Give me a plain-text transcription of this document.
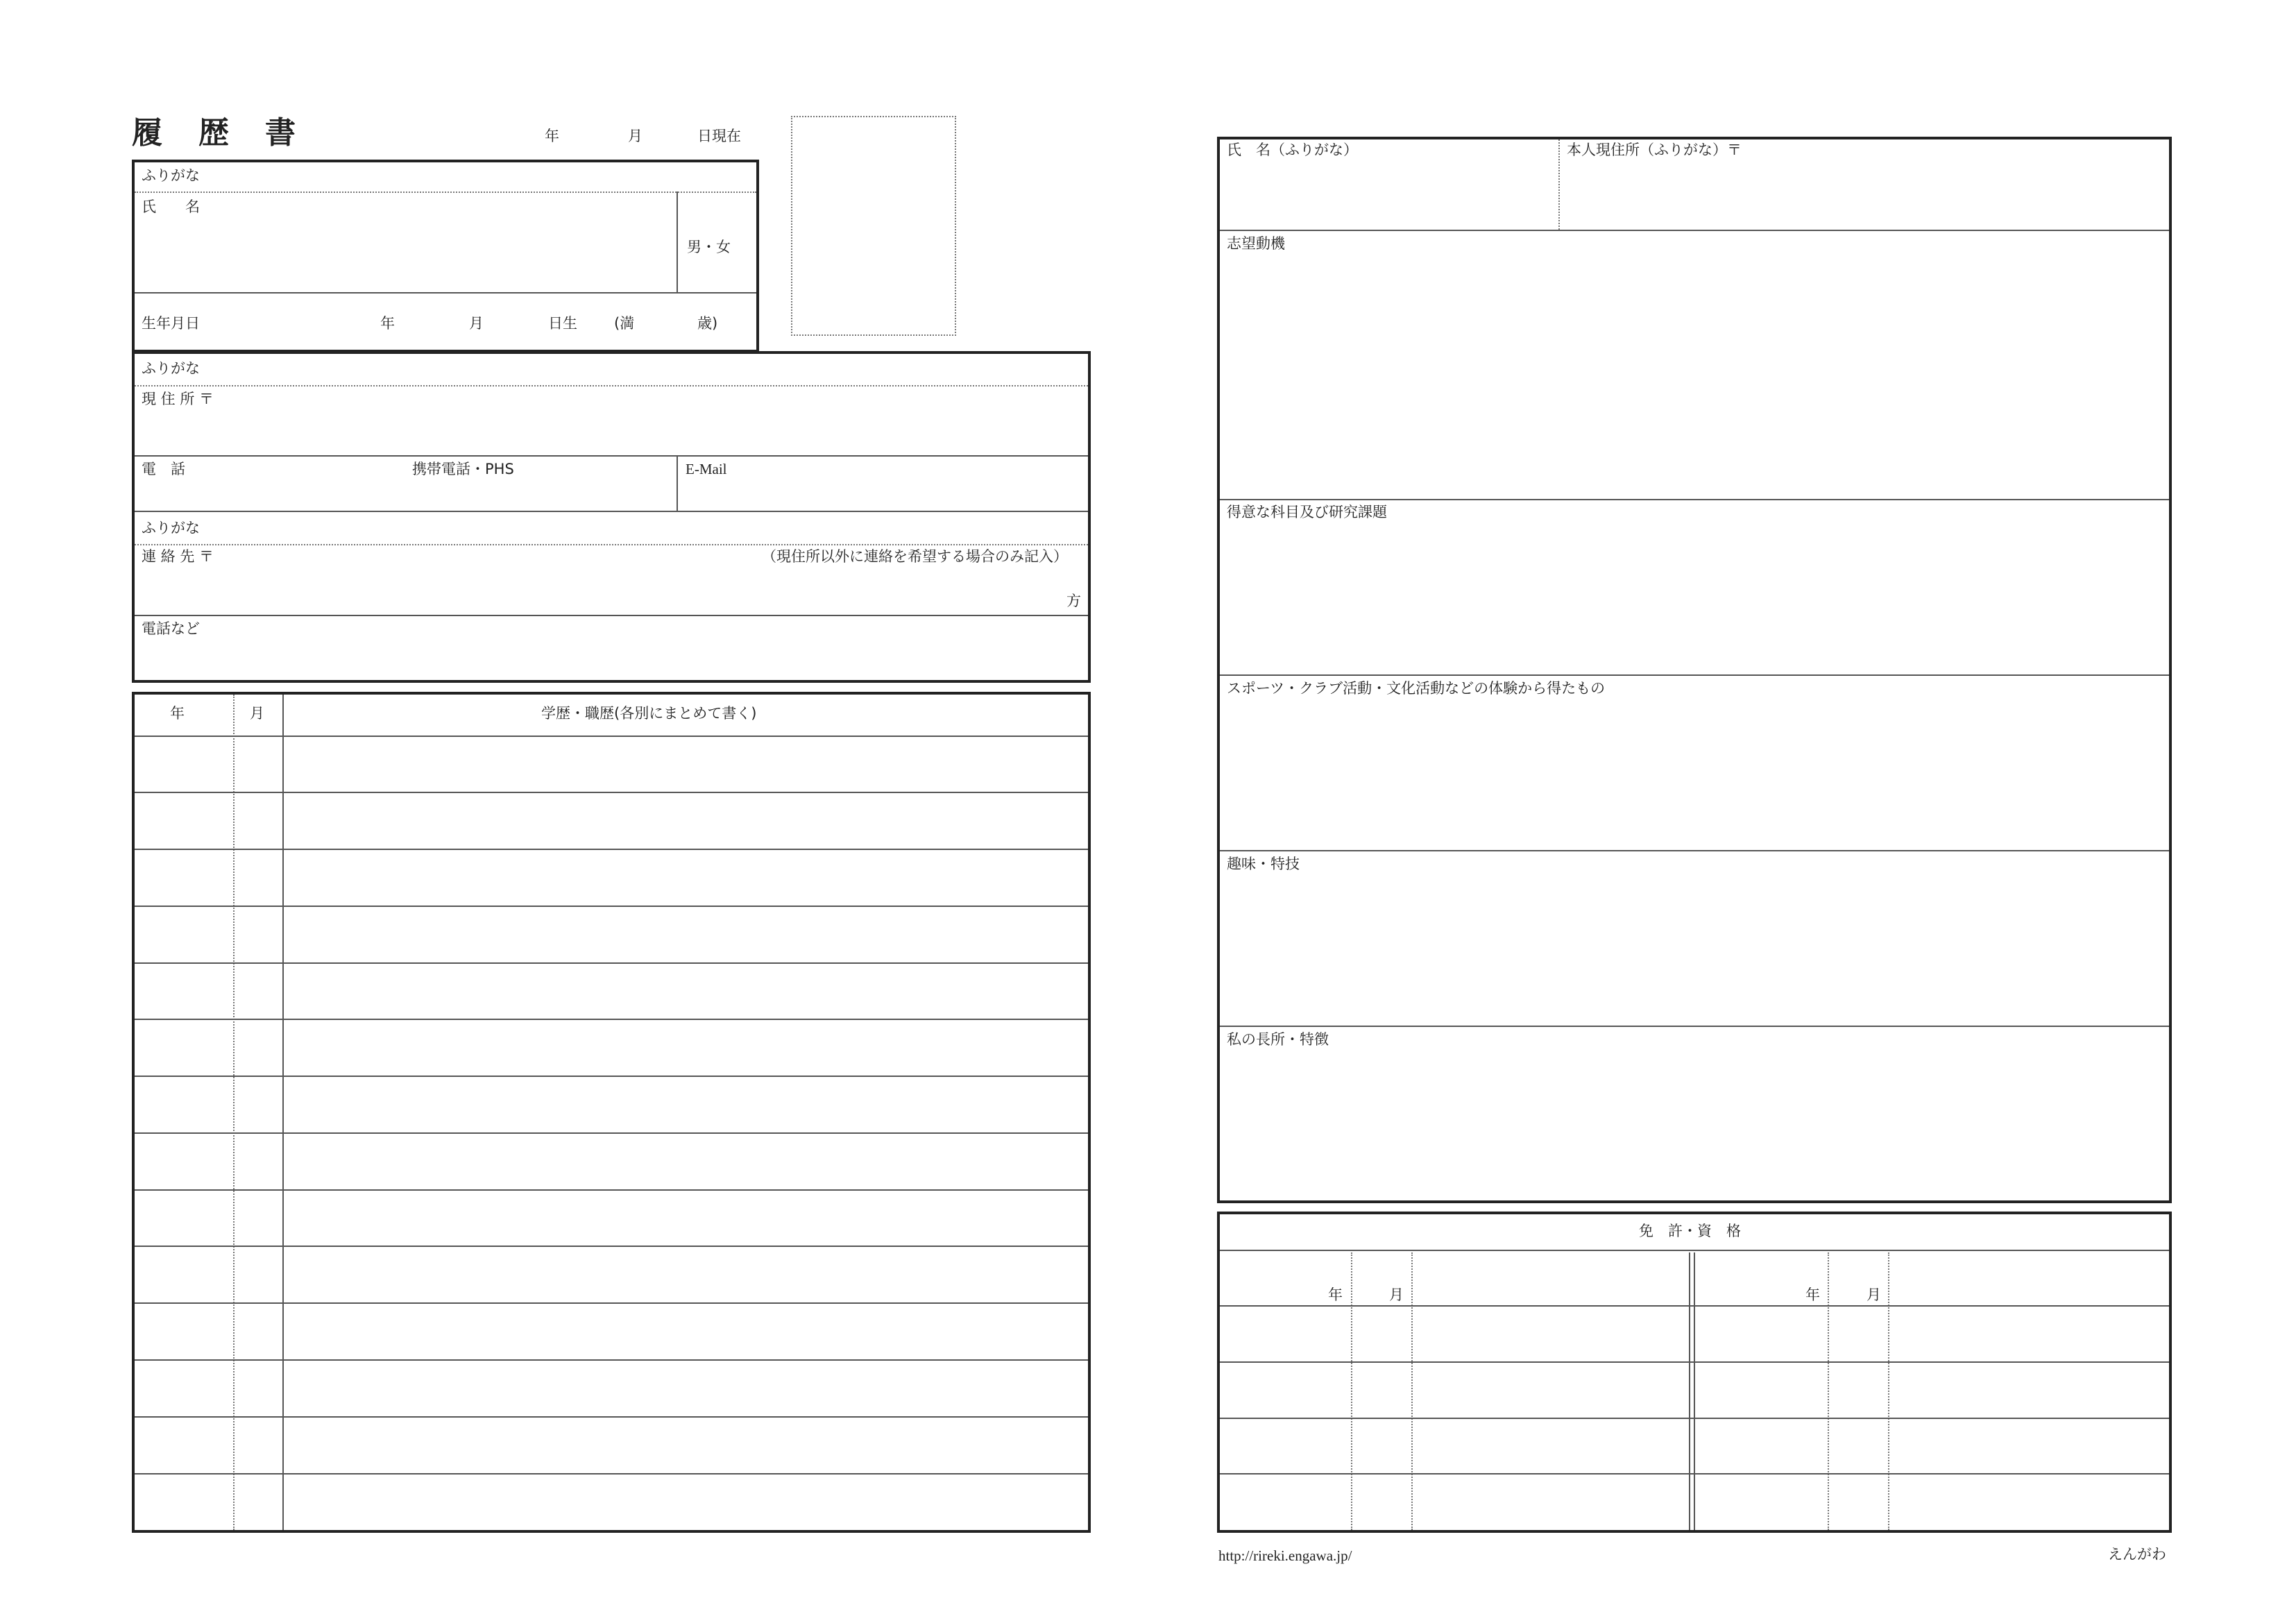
履　歴　書	年	月	日現在
ふりがな
氏　　名
男・女
生年月日	年	月	日生	(満	歳)
ふりがな
現 住 所 〒
電　話	携帯電話・PHS	E-Mail
ふりがな
連 絡 先 〒	（現住所以外に連絡を希望する場合のみ記入）
方
電話など
年	月	学歴・職歴(各別にまとめて書く)
氏　名（ふりがな）	本人現住所（ふりがな）〒
志望動機
得意な科目及び研究課題
スポーツ・クラブ活動・文化活動などの体験から得たもの
趣味・特技
私の長所・特徴
免　許・資　格
年	月	年	月
http://rireki.engawa.jp/	えんがわ
